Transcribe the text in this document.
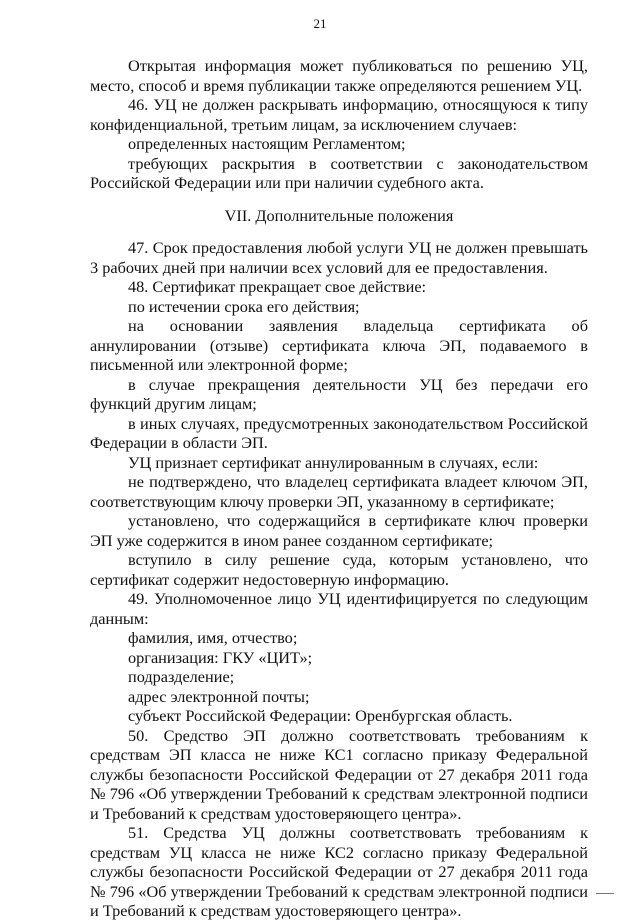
21

Открытая информация может публиковаться по решению УЦ, место, способ и время публикации также определяются решением УЦ.

46. УЦ не должен раскрывать информацию, относящуюся к типу конфиденциальной, третьим лицам, за исключением случаев:

определенных настоящим Регламентом;

требующих раскрытия в соответствии с законодательством Российской Федерации или при наличии судебного акта.

VII. Дополнительные положения

47. Срок предоставления любой услуги УЦ не должен превышать 3 рабочих дней при наличии всех условий для ее предоставления.

48. Сертификат прекращает свое действие:

по истечении срока его действия;

на основании заявления владельца сертификата об аннулировании (отзыве) сертификата ключа ЭП, подаваемого в письменной или электронной форме;

в случае прекращения деятельности УЦ без передачи его функций другим лицам;

в иных случаях, предусмотренных законодательством Российской Федерации в области ЭП.

УЦ признает сертификат аннулированным в случаях, если:

не подтверждено, что владелец сертификата владеет ключом ЭП, соответствующим ключу проверки ЭП, указанному в сертификате;

установлено, что содержащийся в сертификате ключ проверки ЭП уже содержится в ином ранее созданном сертификате;

вступило в силу решение суда, которым установлено, что сертификат содержит недостоверную информацию.

49. Уполномоченное лицо УЦ идентифицируется по следующим данным:

фамилия, имя, отчество;

организация: ГКУ «ЦИТ»;

подразделение;

адрес электронной почты;

субъект Российской Федерации: Оренбургская область.

50. Средство ЭП должно соответствовать требованиям к средствам ЭП класса не ниже КС1 согласно приказу Федеральной службы безопасности Российской Федерации от 27 декабря 2011 года № 796 «Об утверждении Требований к средствам электронной подписи и Требований к средствам удостоверяющего центра».

51. Средства УЦ должны соответствовать требованиям к средствам УЦ класса не ниже КС2 согласно приказу Федеральной службы безопасности Российской Федерации от 27 декабря 2011 года № 796 «Об утверждении Требований к средствам электронной подписи и Требований к средствам удостоверяющего центра».
